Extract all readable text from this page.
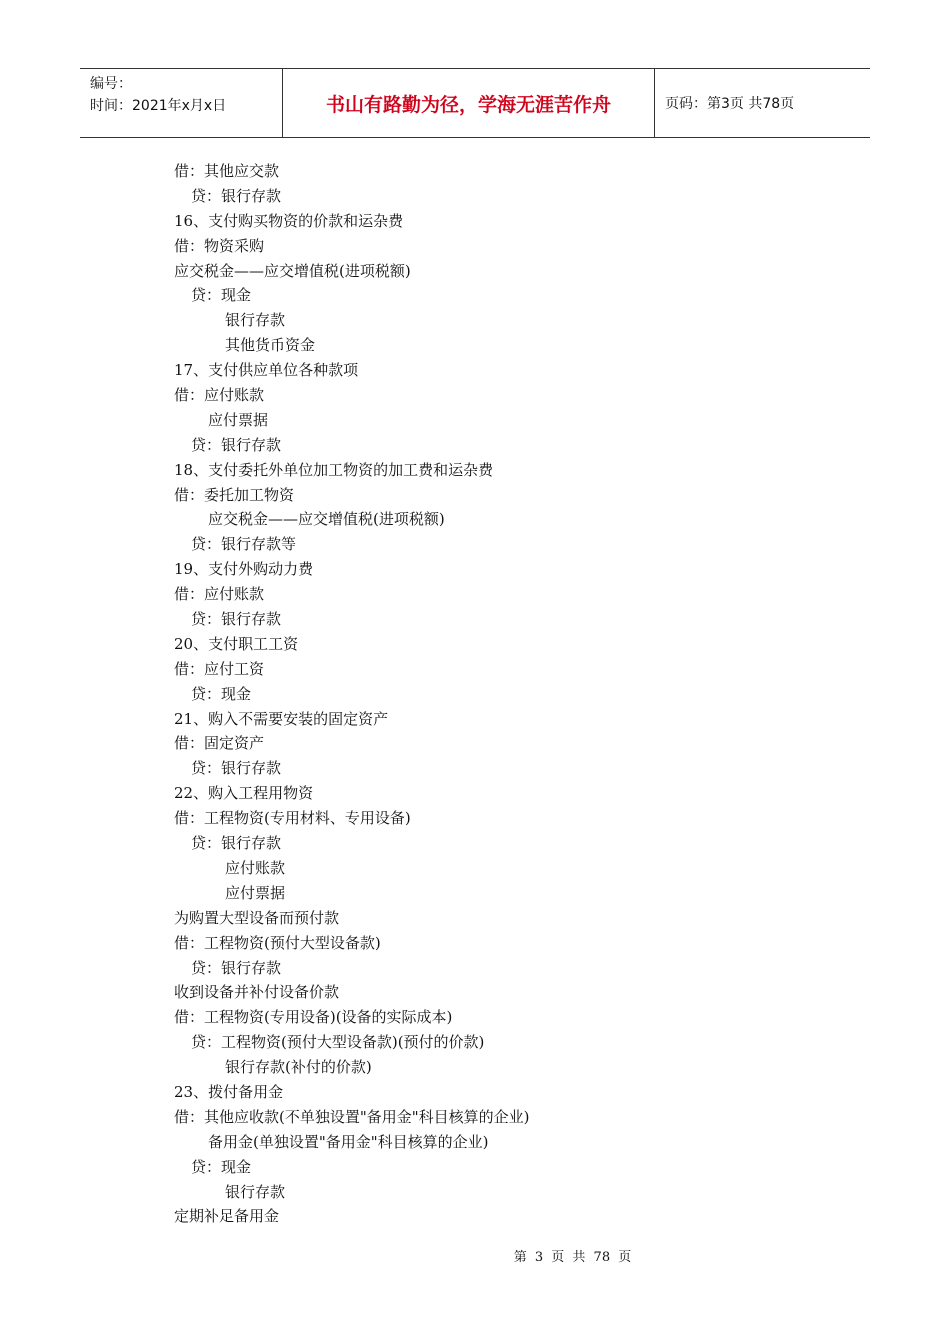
编号：
时间：2021年x月x日	书山有路勤为径，学海无涯苦作舟	页码：第3页 共78页
借：其他应交款
贷：银行存款
16、支付购买物资的价款和运杂费
借：物资采购
应交税金——应交增值税(进项税额)
贷：现金
银行存款
其他货币资金
17、支付供应单位各种款项
借：应付账款
应付票据
贷：银行存款
18、支付委托外单位加工物资的加工费和运杂费
借：委托加工物资
应交税金——应交增值税(进项税额)
贷：银行存款等
19、支付外购动力费
借：应付账款
贷：银行存款
20、支付职工工资
借：应付工资
贷：现金
21、购入不需要安装的固定资产
借：固定资产
贷：银行存款
22、购入工程用物资
借：工程物资(专用材料、专用设备)
贷：银行存款
应付账款
应付票据
为购置大型设备而预付款
借：工程物资(预付大型设备款)
贷：银行存款
收到设备并补付设备价款
借：工程物资(专用设备)(设备的实际成本)
贷：工程物资(预付大型设备款)(预付的价款)
银行存款(补付的价款)
23、拨付备用金
借：其他应收款(不单独设置"备用金"科目核算的企业)
备用金(单独设置"备用金"科目核算的企业)
贷：现金
银行存款
定期补足备用金
第 3 页 共 78 页
